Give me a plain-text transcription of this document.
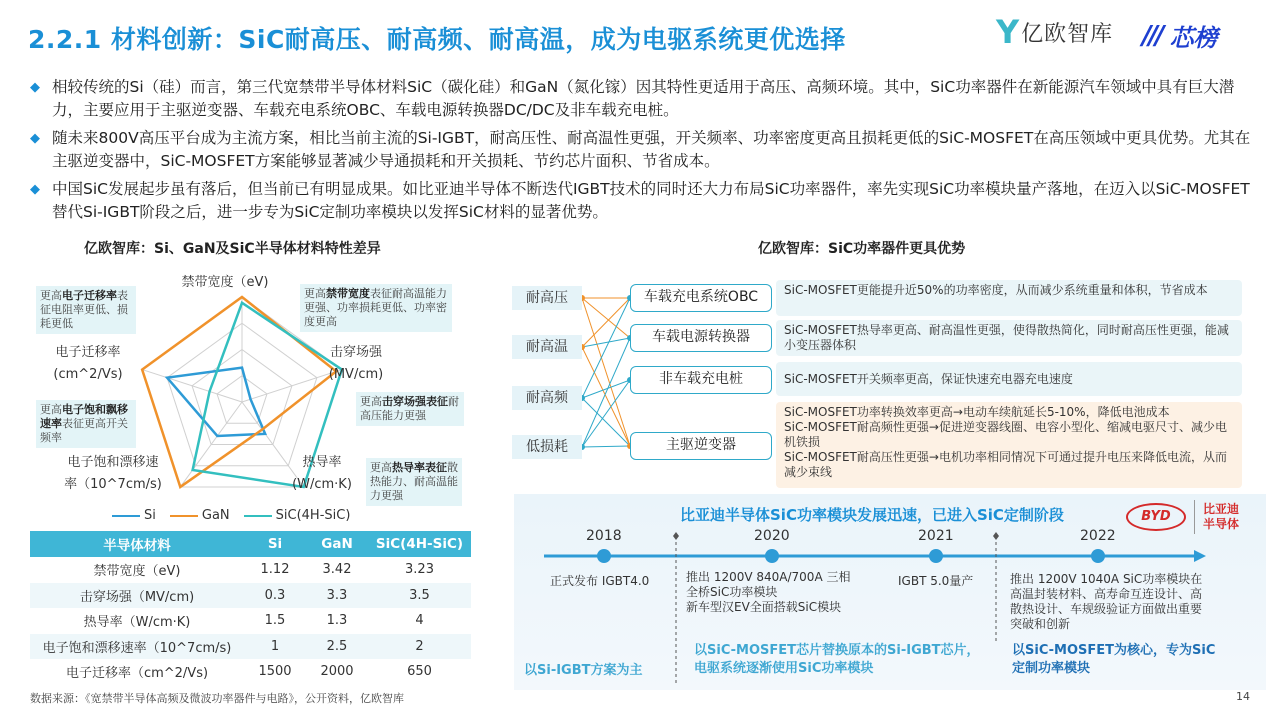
2.2.1 材料创新：SiC耐高压、耐高频、耐高温，成为电驱系统更优选择	Y 亿欧智库 /// 芯榜
◆ 相较传统的Si（硅）而言，第三代宽禁带半导体材料SiC（碳化硅）和GaN（氮化镓）因其特性更适用于高压、高频环境。其中，SiC功率器件在新能源汽车领域中具有巨大潜力，主要应用于主驱逆变器、车载充电系统OBC、车载电源转换器DC/DC及非车载充电桩。
◆ 随未来800V高压平台成为主流方案，相比当前主流的Si-IGBT，耐高压性、耐高温性更强，开关频率、功率密度更高且损耗更低的SiC-MOSFET在高压领域中更具优势。尤其在主驱逆变器中，SiC-MOSFET方案能够显著减少导通损耗和开关损耗、节约芯片面积、节省成本。
◆ 中国SiC发展起步虽有落后，但当前已有明显成果。如比亚迪半导体不断迭代IGBT技术的同时还大力布局SiC功率器件，率先实现SiC功率模块量产落地，在迈入以SiC-MOSFET替代Si-IGBT阶段之后，进一步专为SiC定制功率模块以发挥SiC材料的显著优势。
亿欧智库：Si、GaN及SiC半导体材料特性差异	亿欧智库：SiC功率器件更具优势
禁带宽度（eV)
击穿场强
(MV/cm)
热导率
(W/cm·K)
电子饱和漂移速
率（10^7cm/s)
电子迁移率
(cm^2/Vs)
更高电子迁移率表征电阻率更低、损耗更低
更高禁带宽度表征耐高温能力更强、功率损耗更低、功率密度更高
更高击穿场强表征耐高压能力更强
更高电子饱和飘移速率表征更高开关频率
更高热导率表征散热能力、耐高温能力更强
Si	GaN	SiC(4H-SiC)
半导体材料	Si	GaN	SiC(4H-SiC)
禁带宽度（eV)	1.12	3.42	3.23
击穿场强（MV/cm)	0.3	3.3	3.5
热导率（W/cm·K)	1.5	1.3	4
电子饱和漂移速率（10^7cm/s)	1	2.5	2
电子迁移率（cm^2/Vs)	1500	2000	650
耐高压
耐高温
耐高频
低损耗
车载充电系统OBC
车载电源转换器
非车载充电桩
主驱逆变器
SiC-MOSFET更能提升近50%的功率密度，从而减少系统重量和体积，节省成本
SiC-MOSFET热导率更高、耐高温性更强，使得散热简化，同时耐高压性更强，能减小变压器体积
SiC-MOSFET开关频率更高，保证快速充电器充电速度
SiC-MOSFET功率转换效率更高→电动车续航延长5-10%，降低电池成本
SiC-MOSFET耐高频性更强→促进逆变器线圈、电容小型化、缩减电驱尺寸、减少电机铁损
SiC-MOSFET耐高压性更强→电机功率相同情况下可通过提升电压来降低电流，从而减少束线
比亚迪半导体SiC功率模块发展迅速，已进入SiC定制阶段	BYD	比亚迪
半导体
2018	2020	2021	2022
正式发布 IGBT4.0	推出 1200V 840A/700A 三相全桥SiC功率模块
新车型汉EV全面搭载SiC模块
IGBT 5.0量产	推出 1200V 1040A SiC功率模块在高温封装材料、高寿命互连设计、高散热设计、车规级验证方面做出重要突破和创新
以Si-IGBT方案为主
以SiC-MOSFET芯片替换原本的Si-IGBT芯片，电驱系统逐渐使用SiC功率模块
以SiC-MOSFET为核心，专为SiC定制功率模块
数据来源：《宽禁带半导体高频及微波功率器件与电路》，公开资料，亿欧智库	14
